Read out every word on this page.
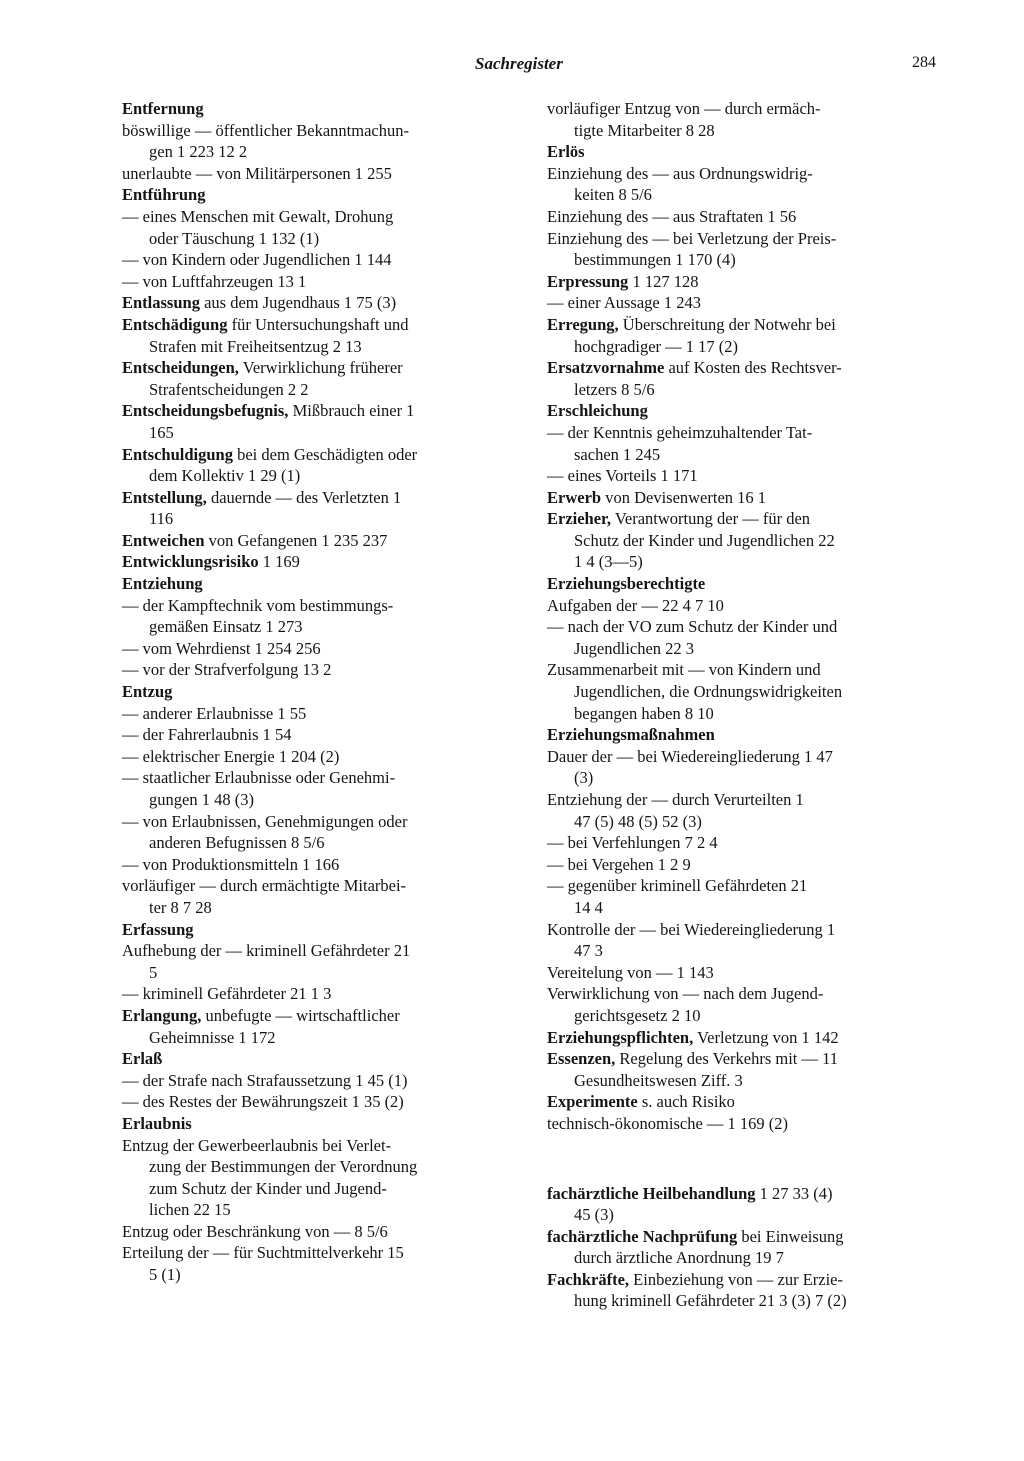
Sachregister	284
Entfernung
böswillige — öffentlicher Bekanntmachun-
gen 1 223 12 2
unerlaubte — von Militärpersonen 1 255
Entführung
— eines Menschen mit Gewalt, Drohung
oder Täuschung 1 132 (1)
— von Kindern oder Jugendlichen 1 144
— von Luftfahrzeugen 13 1
Entlassung aus dem Jugendhaus 1 75 (3)
Entschädigung für Untersuchungshaft und
Strafen mit Freiheitsentzug 2 13
Entscheidungen, Verwirklichung früherer
Strafentscheidungen 2 2
Entscheidungsbefugnis, Mißbrauch einer 1
165
Entschuldigung bei dem Geschädigten oder
dem Kollektiv 1 29 (1)
Entstellung, dauernde — des Verletzten 1
116
Entweichen von Gefangenen 1 235 237
Entwicklungsrisiko 1 169
Entziehung
— der Kampftechnik vom bestimmungs-
gemäßen Einsatz 1 273
— vom Wehrdienst 1 254 256
— vor der Strafverfolgung 13 2
Entzug
— anderer Erlaubnisse 1 55
— der Fahrerlaubnis 1 54
— elektrischer Energie 1 204 (2)
— staatlicher Erlaubnisse oder Genehmi-
gungen 1 48 (3)
— von Erlaubnissen, Genehmigungen oder
anderen Befugnissen 8 5/6
— von Produktionsmitteln 1 166
vorläufiger — durch ermächtigte Mitarbei-
ter 8 7 28
Erfassung
Aufhebung der — kriminell Gefährdeter 21
5
— kriminell Gefährdeter 21 1 3
Erlangung, unbefugte — wirtschaftlicher
Geheimnisse 1 172
Erlaß
— der Strafe nach Strafaussetzung 1 45 (1)
— des Restes der Bewährungszeit 1 35 (2)
Erlaubnis
Entzug der Gewerbeerlaubnis bei Verlet-
zung der Bestimmungen der Verordnung
zum Schutz der Kinder und Jugend-
lichen 22 15
Entzug oder Beschränkung von — 8 5/6
Erteilung der — für Suchtmittelverkehr 15
5 (1)
vorläufiger Entzug von — durch ermäch-
tigte Mitarbeiter 8 28
Erlös
Einziehung des — aus Ordnungswidrig-
keiten 8 5/6
Einziehung des — aus Straftaten 1 56
Einziehung des — bei Verletzung der Preis-
bestimmungen 1 170 (4)
Erpressung 1 127 128
— einer Aussage 1 243
Erregung, Überschreitung der Notwehr bei
hochgradiger — 1 17 (2)
Ersatzvornahme auf Kosten des Rechtsver-
letzers 8 5/6
Erschleichung
— der Kenntnis geheimzuhaltender Tat-
sachen 1 245
— eines Vorteils 1 171
Erwerb von Devisenwerten 16 1
Erzieher, Verantwortung der — für den
Schutz der Kinder und Jugendlichen 22
1 4 (3—5)
Erziehungsberechtigte
Aufgaben der — 22 4 7 10
— nach der VO zum Schutz der Kinder und
Jugendlichen 22 3
Zusammenarbeit mit — von Kindern und
Jugendlichen, die Ordnungswidrigkeiten
begangen haben 8 10
Erziehungsmaßnahmen
Dauer der — bei Wiedereingliederung 1 47
(3)
Entziehung der — durch Verurteilten 1
47 (5) 48 (5) 52 (3)
— bei Verfehlungen 7 2 4
— bei Vergehen 1 2 9
— gegenüber kriminell Gefährdeten 21
14 4
Kontrolle der — bei Wiedereingliederung 1
47 3
Vereitelung von — 1 143
Verwirklichung von — nach dem Jugend-
gerichtsgesetz 2 10
Erziehungspflichten, Verletzung von 1 142
Essenzen, Regelung des Verkehrs mit — 11
Gesundheitswesen Ziff. 3
Experimente s. auch Risiko
technisch-ökonomische — 1 169 (2)
fachärztliche Heilbehandlung 1 27 33 (4)
45 (3)
fachärztliche Nachprüfung bei Einweisung
durch ärztliche Anordnung 19 7
Fachkräfte, Einbeziehung von — zur Erzie-
hung kriminell Gefährdeter 21 3 (3) 7 (2)
